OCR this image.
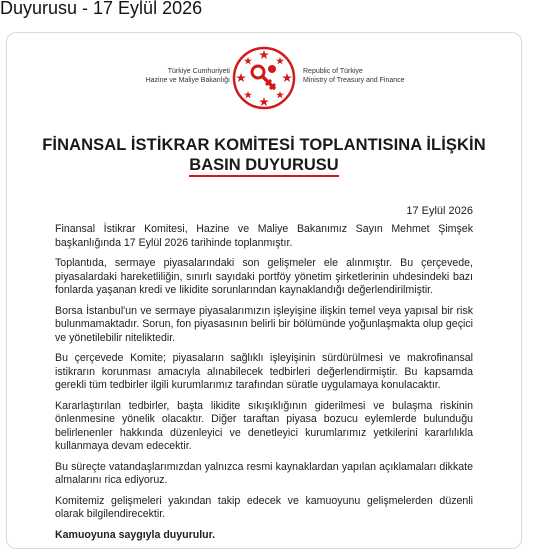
Duyurusu - 17 Eylül 2026
Türkiye Cumhuriyeti
Hazine ve Maliye Bakanlığı
Republic of Türkiye
Ministry of Treasury and Finance
FİNANSAL İSTİKRAR KOMİTESİ TOPLANTISINA İLİŞKİN
BASIN DUYURUSU
17 Eylül 2026

Finansal İstikrar Komitesi, Hazine ve Maliye Bakanımız Sayın Mehmet Şimşek başkanlığında 17 Eylül 2026 tarihinde toplanmıştır.

Toplantıda, sermaye piyasalarındaki son gelişmeler ele alınmıştır. Bu çerçevede, piyasalardaki hareketliliğin, sınırlı sayıdaki portföy yönetim şirketlerinin uhdesindeki bazı fonlarda yaşanan kredi ve likidite sorunlarından kaynaklandığı değerlendirilmiştir.

Borsa İstanbul'un ve sermaye piyasalarımızın işleyişine ilişkin temel veya yapısal bir risk bulunmamaktadır. Sorun, fon piyasasının belirli bir bölümünde yoğunlaşmakta olup geçici ve yönetilebilir niteliktedir.

Bu çerçevede Komite; piyasaların sağlıklı işleyişinin sürdürülmesi ve makrofinansal istikrarın korunması amacıyla alınabilecek tedbirleri değerlendirmiştir. Bu kapsamda gerekli tüm tedbirler ilgili kurumlarımız tarafından süratle uygulamaya konulacaktır.

Kararlaştırılan tedbirler, başta likidite sıkışıklığının giderilmesi ve bulaşma riskinin önlenmesine yönelik olacaktır. Diğer taraftan piyasa bozucu eylemlerde bulunduğu belirlenenler hakkında düzenleyici ve denetleyici kurumlarımız yetkilerini kararlılıkla kullanmaya devam edecektir.

Bu süreçte vatandaşlarımızdan yalnızca resmi kaynaklardan yapılan açıklamaları dikkate almalarını rica ediyoruz.

Komitemiz gelişmeleri yakından takip edecek ve kamuoyunu gelişmelerden düzenli olarak bilgilendirecektir.

Kamuoyuna saygıyla duyurulur.
